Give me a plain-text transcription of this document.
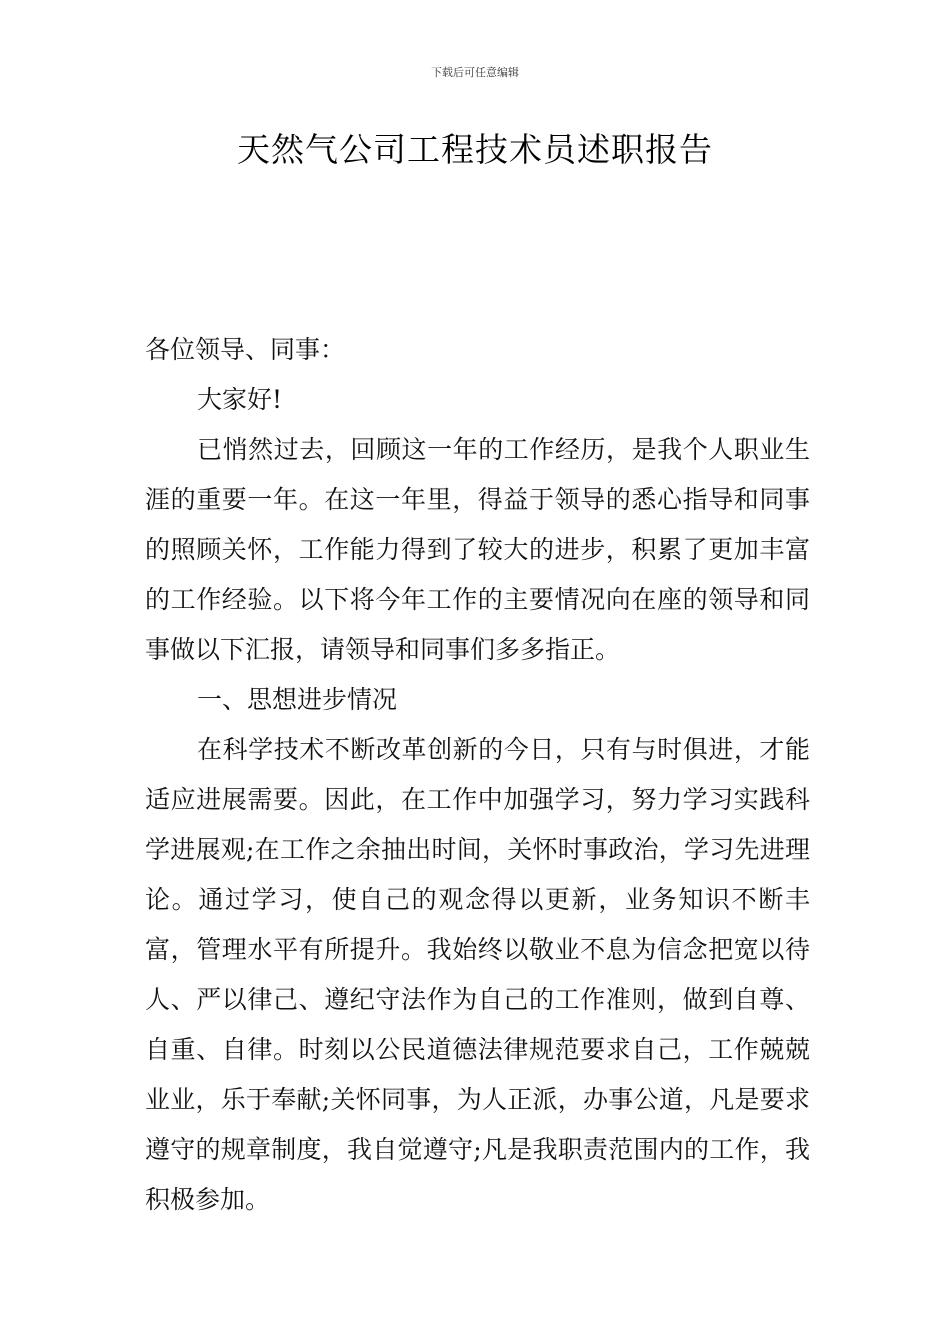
下载后可任意编辑
天然气公司工程技术员述职报告

各位领导、同事：

大家好!

已悄然过去，回顾这一年的工作经历，是我个人职业生涯的重要一年。在这一年里，得益于领导的悉心指导和同事的照顾关怀，工作能力得到了较大的进步，积累了更加丰富的工作经验。以下将今年工作的主要情况向在座的领导和同事做以下汇报，请领导和同事们多多指正。

一、思想进步情况

在科学技术不断改革创新的今日，只有与时俱进，才能适应进展需要。因此，在工作中加强学习，努力学习实践科学进展观;在工作之余抽出时间，关怀时事政治，学习先进理论。通过学习，使自己的观念得以更新，业务知识不断丰富，管理水平有所提升。我始终以敬业不息为信念把宽以待人、严以律己、遵纪守法作为自己的工作准则，做到自尊、自重、自律。时刻以公民道德法律规范要求自己，工作兢兢业业，乐于奉献;关怀同事，为人正派，办事公道，凡是要求遵守的规章制度，我自觉遵守;凡是我职责范围内的工作，我积极参加。
